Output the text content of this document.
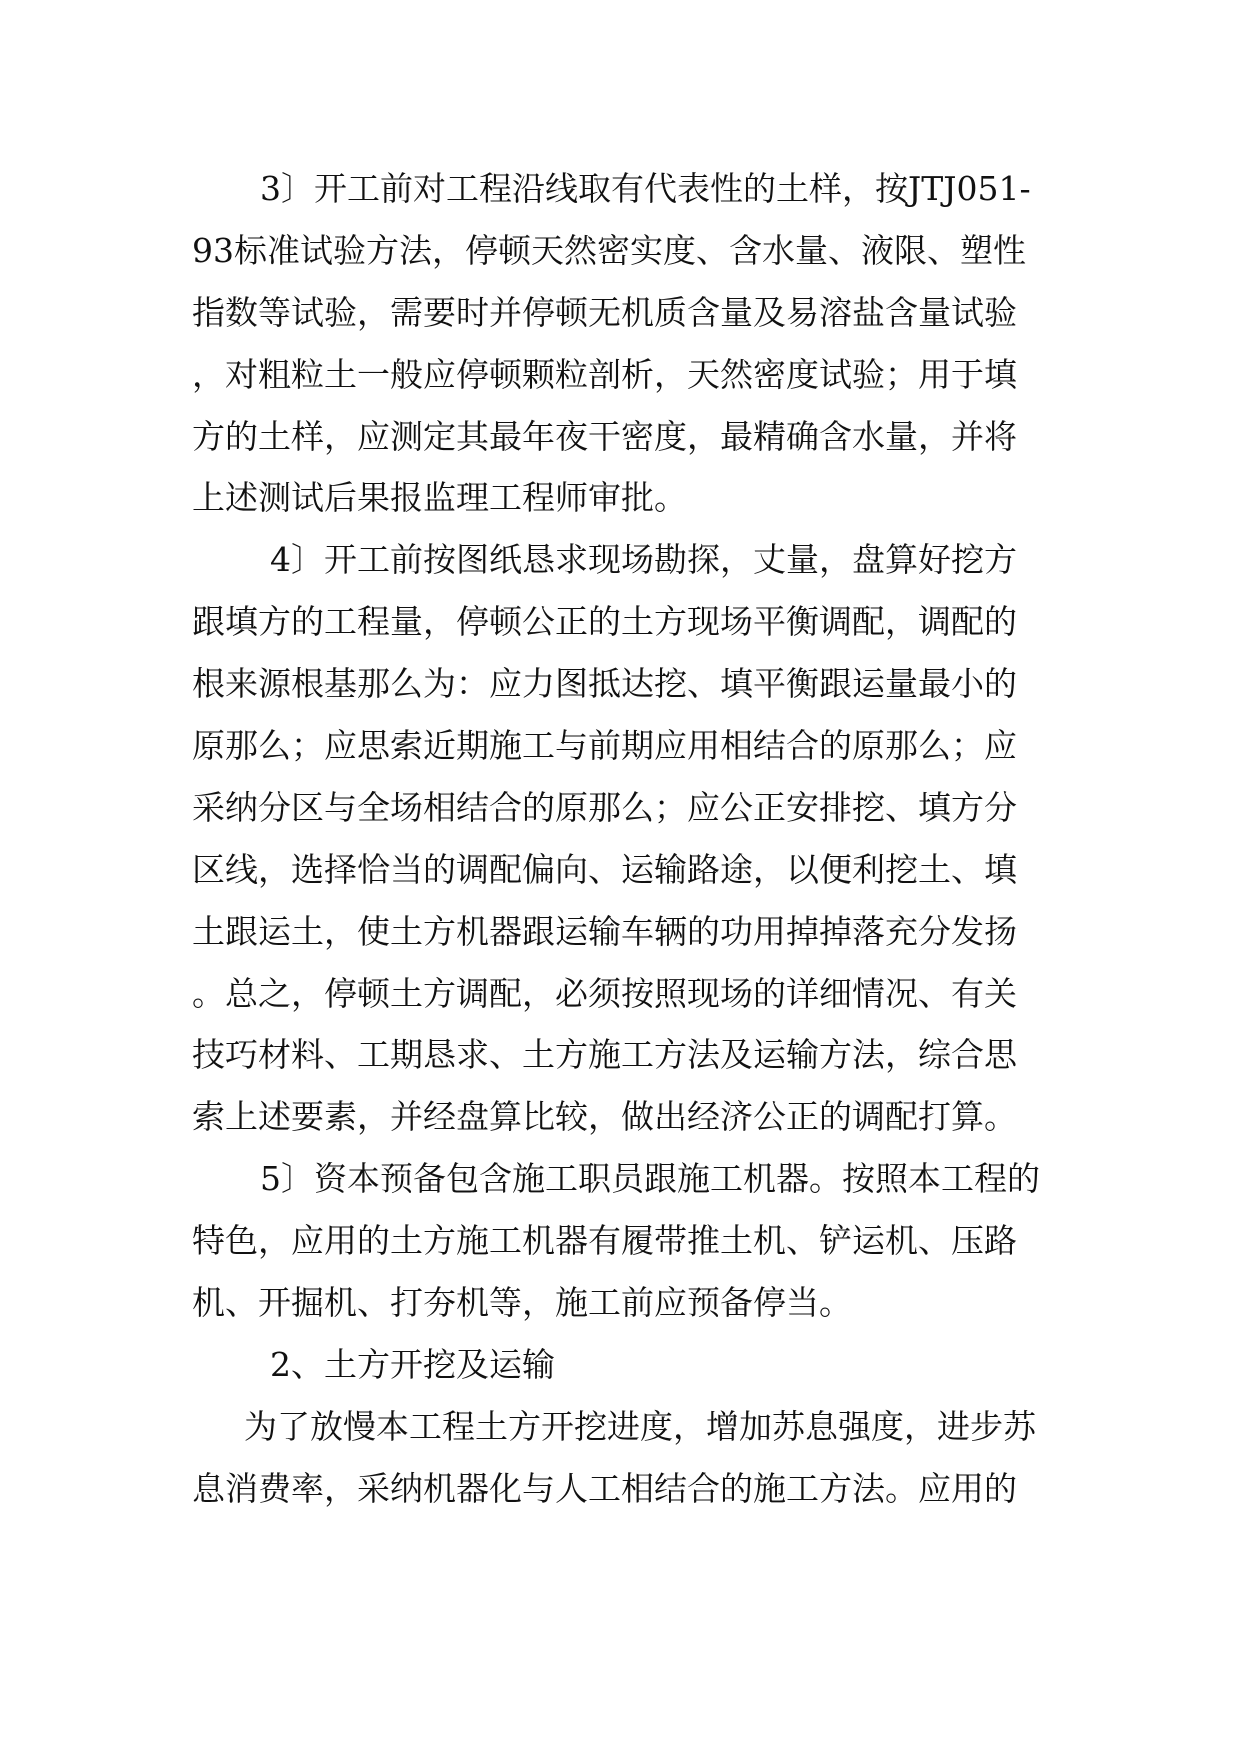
3〕开工前对工程沿线取有代表性的土样，按JTJ051-
93标准试验方法，停顿天然密实度、含水量、液限、塑性
指数等试验，需要时并停顿无机质含量及易溶盐含量试验
，对粗粒土一般应停顿颗粒剖析，天然密度试验；用于填
方的土样，应测定其最年夜干密度，最精确含水量，并将
上述测试后果报监理工程师审批。
4〕开工前按图纸恳求现场勘探，丈量，盘算好挖方
跟填方的工程量，停顿公正的土方现场平衡调配，调配的
根来源根基那么为：应力图抵达挖、填平衡跟运量最小的
原那么；应思索近期施工与前期应用相结合的原那么；应
采纳分区与全场相结合的原那么；应公正安排挖、填方分
区线，选择恰当的调配偏向、运输路途，以便利挖土、填
土跟运土，使土方机器跟运输车辆的功用掉掉落充分发扬
。总之，停顿土方调配，必须按照现场的详细情况、有关
技巧材料、工期恳求、土方施工方法及运输方法，综合思
索上述要素，并经盘算比较，做出经济公正的调配打算。
5〕资本预备包含施工职员跟施工机器。按照本工程的
特色，应用的土方施工机器有履带推土机、铲运机、压路
机、开掘机、打夯机等，施工前应预备停当。
2、土方开挖及运输
为了放慢本工程土方开挖进度，增加苏息强度，进步苏
息消费率，采纳机器化与人工相结合的施工方法。应用的
